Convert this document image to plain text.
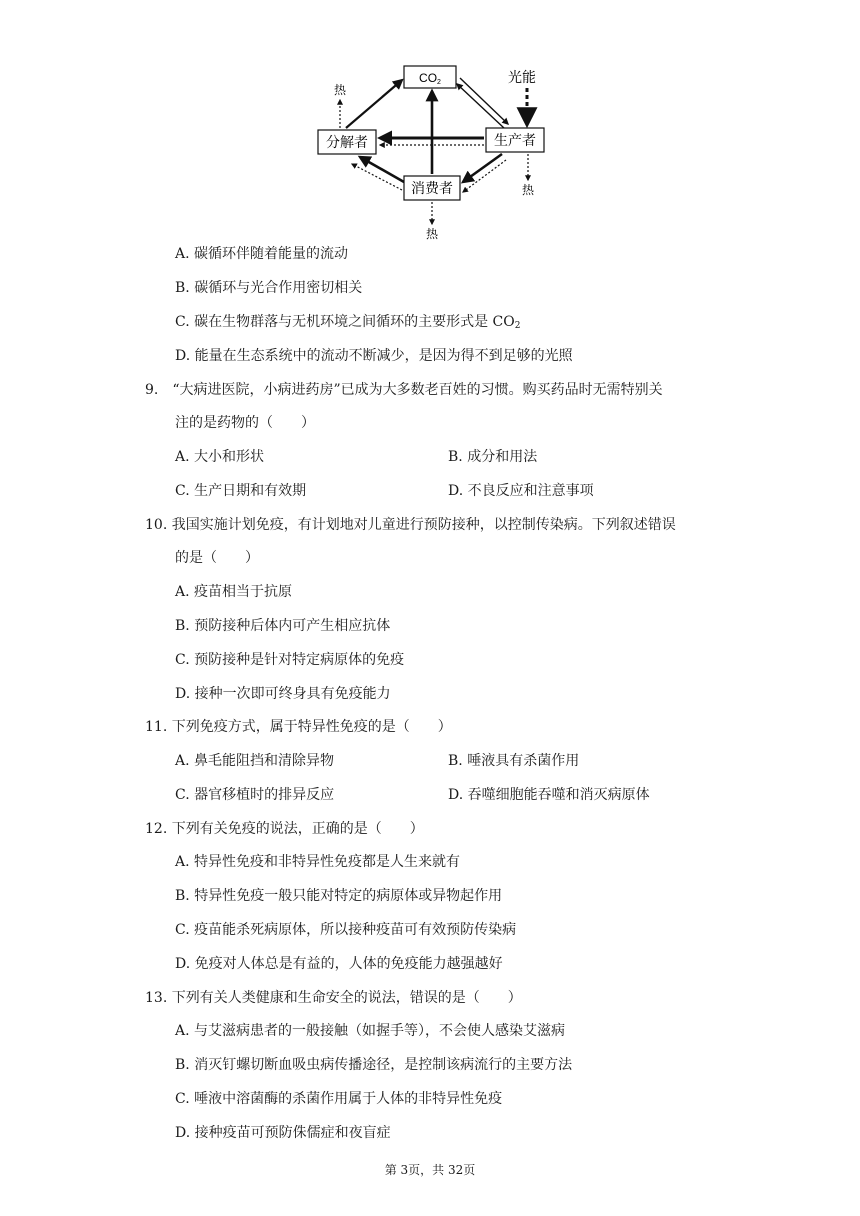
CO2
分解者	生产者
消费者
光能
热
热
热
A. 碳循环伴随着能量的流动
B. 碳循环与光合作用密切相关
C. 碳在生物群落与无机环境之间循环的主要形式是 $CO_2$
D. 能量在生态系统中的流动不断减少，是因为得不到足够的光照
9.　“大病进医院，小病进药房”已成为大多数老百姓的习惯。购买药品时无需特别关
注的是药物的（　　）
A. 大小和形状	B. 成分和用法
C. 生产日期和有效期	D. 不良反应和注意事项
10. 我国实施计划免疫，有计划地对儿童进行预防接种，以控制传染病。下列叙述错误
的是（　　）
A. 疫苗相当于抗原
B. 预防接种后体内可产生相应抗体
C. 预防接种是针对特定病原体的免疫
D. 接种一次即可终身具有免疫能力
11. 下列免疫方式，属于特异性免疫的是（　　）
A. 鼻毛能阻挡和清除异物	B. 唾液具有杀菌作用
C. 器官移植时的排异反应	D. 吞噬细胞能吞噬和消灭病原体
12. 下列有关免疫的说法，正确的是（　　）
A. 特异性免疫和非特异性免疫都是人生来就有
B. 特异性免疫一般只能对特定的病原体或异物起作用
C. 疫苗能杀死病原体，所以接种疫苗可有效预防传染病
D. 免疫对人体总是有益的，人体的免疫能力越强越好
13. 下列有关人类健康和生命安全的说法，错误的是（　　）
A. 与艾滋病患者的一般接触（如握手等），不会使人感染艾滋病
B. 消灭钉螺切断血吸虫病传播途径，是控制该病流行的主要方法
C. 唾液中溶菌酶的杀菌作用属于人体的非特异性免疫
D. 接种疫苗可预防侏儒症和夜盲症
第 3页，共 32页
